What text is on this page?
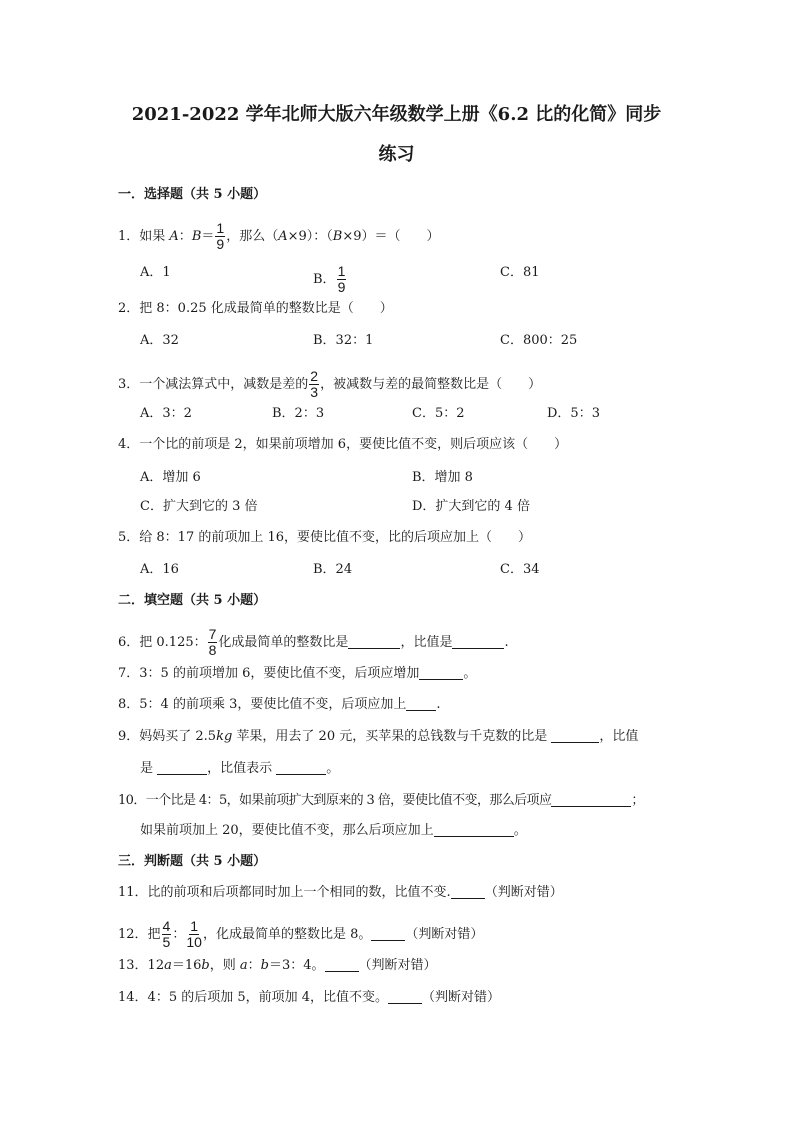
2021-2022 学年北师大版六年级数学上册《6.2 比的化简》同步
练习
一．选择题（共 5 小题）
1．如果 A：$B= \frac{1}{9}$ ，那么（A×9）：（B×9）＝（　　）
A．1	B． $\frac{1}{9}$	C．81
2．把 8：0.25 化成最简单的整数比是（　　）
A．32	B．32：1	C．800：25
3．一个减法算式中，减数是差的 $\frac{2}{3}$ ，被减数与差的最简整数比是（　　）
A．3：2	B．2：3	C．5：2	D．5：3
4．一个比的前项是 2，如果前项增加 6，要使比值不变，则后项应该（　　）
A．增加 6	B．增加 8
C．扩大到它的 3 倍	D．扩大到它的 4 倍
5．给 8：17 的前项加上 16，要使比值不变，比的后项应加上（　　）
A．16	B．24	C．34
二．填空题（共 5 小题）
6．把 0.125： $\frac{7}{8}$ 化成最简单的整数比是	，比值是	.
7．3：5 的前项增加 6，要使比值不变，后项应增加	。
8．5：4 的前项乘 3，要使比值不变，后项应加上 .
9．妈妈买了 2.5kg 苹果，用去了 20 元，买苹果的总钱数与千克数的比是	，比值
是	，比值表示	。
10．一个比是 4：5，如果前项扩大到原来的 3 倍，要使比值不变，那么后项应	；
如果前项加上 20，要使比值不变，那么后项应加上	。
三．判断题（共 5 小题）
11．比的前项和后项都同时加上一个相同的数，比值不变.	（判断对错）
12．把 $\frac{4}{5}$ ： $\frac{1}{10}$ ，化成最简单的整数比是 8。	（判断对错）
13．12a＝16b，则 a：b＝3：4。	（判断对错）
14．4：5 的后项加 5，前项加 4，比值不变。	（判断对错）
